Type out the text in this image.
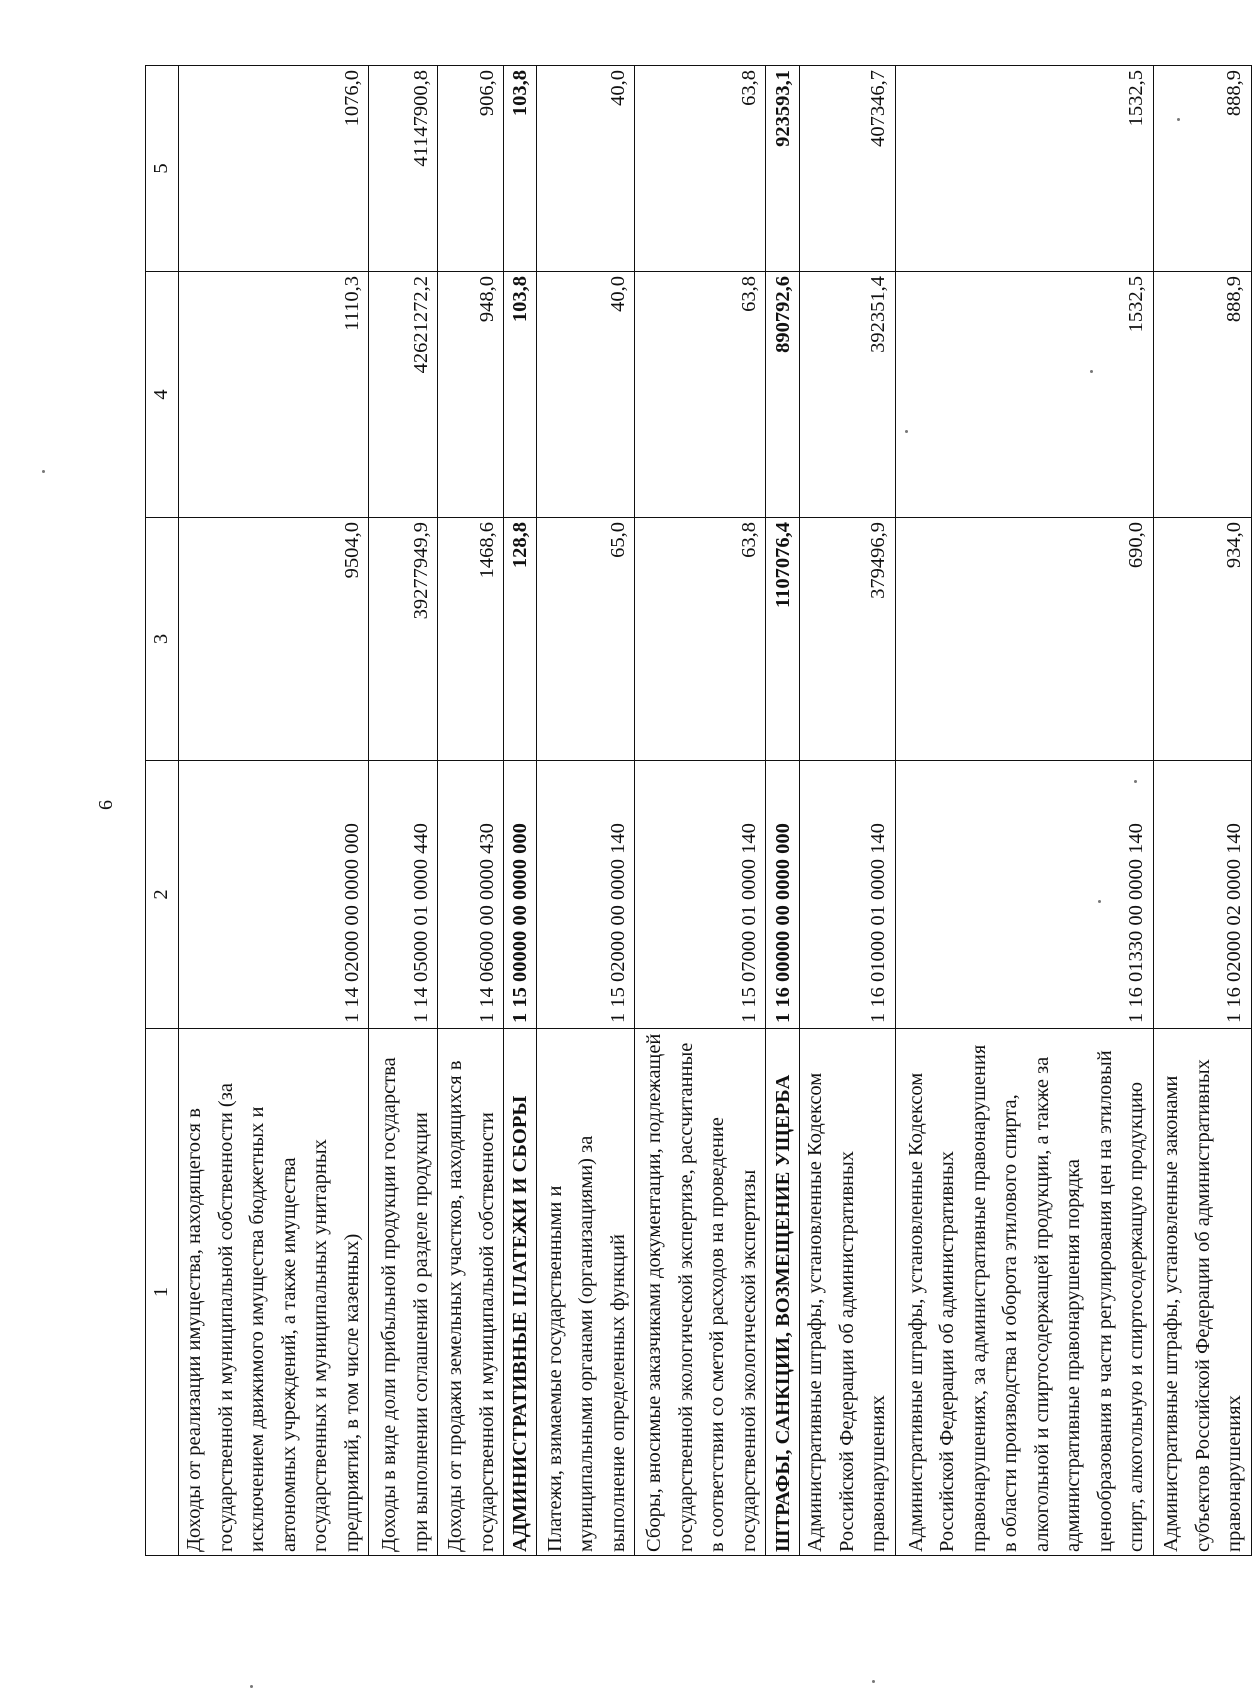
6
1	2	3	4	5
Доходы от реализации имущества, находящегося в государственной и муниципальной собственности (за исключением движимого имущества бюджетных и автономных учреждений, а также имущества государственных и муниципальных унитарных предприятий, в том числе казенных)	1 14 02000 00 0000 000	9504,0	1110,3	1076,0
Доходы в виде доли прибыльной продукции государства при выполнении соглашений о разделе продукции	1 14 05000 01 0000 440	39277949,9	42621272,2	41147900,8
Доходы от продажи земельных участков, находящихся в государственной и муниципальной собственности	1 14 06000 00 0000 430	1468,6	948,0	906,0
АДМИНИСТРАТИВНЫЕ ПЛАТЕЖИ И СБОРЫ	1 15 00000 00 0000 000	128,8	103,8	103,8
Платежи, взимаемые государственными и муниципальными органами (организациями) за выполнение определенных функций	1 15 02000 00 0000 140	65,0	40,0	40,0
Сборы, вносимые заказчиками документации, подлежащей государственной экологической экспертизе, рассчитанные в соответствии со сметой расходов на проведение государственной экологической экспертизы	1 15 07000 01 0000 140	63,8	63,8	63,8
ШТРАФЫ, САНКЦИИ, ВОЗМЕЩЕНИЕ УЩЕРБА	1 16 00000 00 0000 000	1107076,4	890792,6	923593,1
Административные штрафы, установленные Кодексом Российской Федерации об административных правонарушениях	1 16 01000 01 0000 140	379496,9	392351,4	407346,7
Административные штрафы, установленные Кодексом Российской Федерации об административных правонарушениях, за административные правонарушения в области производства и оборота этилового спирта, алкогольной и спиртосодержащей продукции, а также за административные правонарушения порядка ценообразования в части регулирования цен на этиловый спирт, алкогольную и спиртосодержащую продукцию	1 16 01330 00 0000 140	690,0	1532,5	1532,5
Административные штрафы, установленные законами субъектов Российской Федерации об административных правонарушениях	1 16 02000 02 0000 140	934,0	888,9	888,9
